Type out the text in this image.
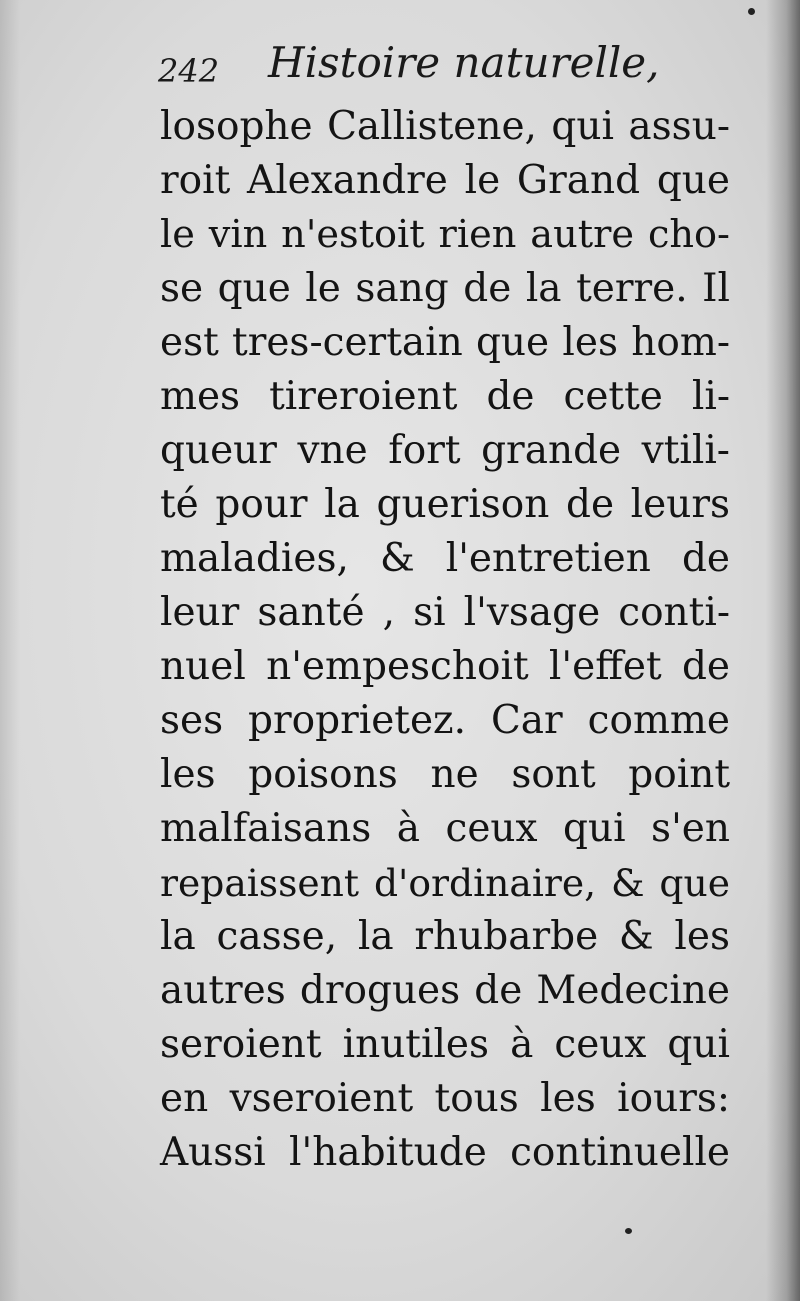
242 Histoire naturelle,
losophe Callistene, qui assu-
roit Alexandre le Grand que
le vin n'estoit rien autre cho-
se que le sang de la terre. Il
est tres-certain que les hom-
mes tireroient de cette li-
queur vne fort grande vtili-
té pour la guerison de leurs
maladies, & l'entretien de
leur santé , si l'vsage conti-
nuel n'empeschoit l'effet de
ses proprietez. Car comme
les poisons ne sont point
malfaisans à ceux qui s'en
repaissent d'ordinaire, & que
la casse, la rhubarbe & les
autres drogues de Medecine
seroient inutiles à ceux qui
en vseroient tous les iours:
Aussi l'habitude continuelle
